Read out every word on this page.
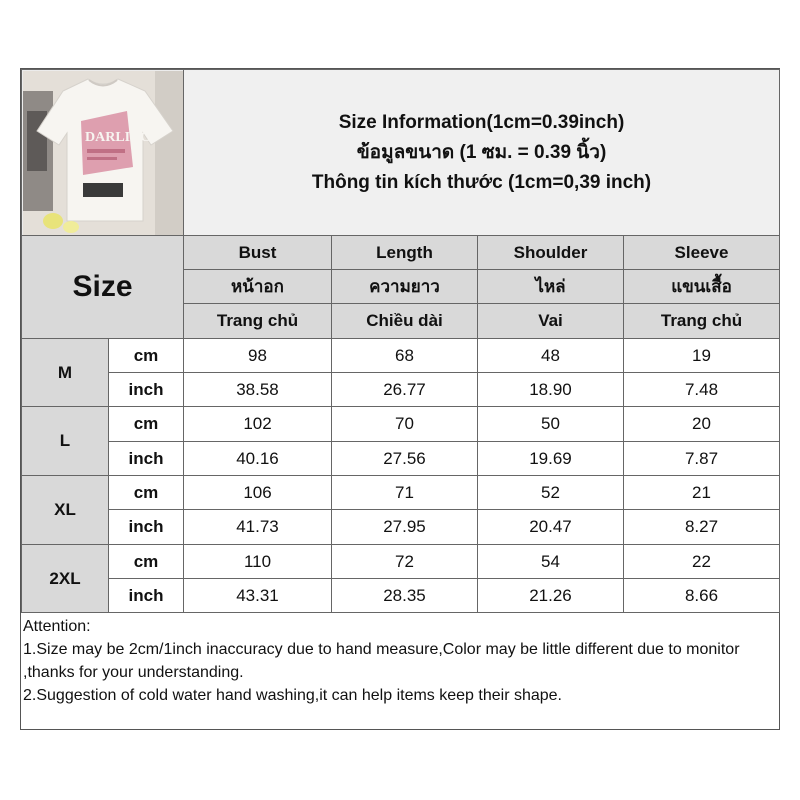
DARLING		Size Information(1cm=0.39inch)
ข้อมูลขนาด (1 ซม. = 0.39 นิ้ว)
Thông tin kích thước (1cm=0,39 inch)			

Size		Bust	Length	Shoulder	Sleeve
		หน้าอก	ความยาว	ไหล่	แขนเสื้อ
		Trang chủ	Chiều dài	Vai	Trang chủ
M	cm	98	68	48	19
	inch	38.58	26.77	18.90	7.48
L	cm	102	70	50	20
	inch	40.16	27.56	19.69	7.87
XL	cm	106	71	52	21
	inch	41.73	27.95	20.47	8.27
2XL	cm	110	72	54	22
	inch	43.31	28.35	21.26	8.66
Attention:
1.Size may be 2cm/1inch inaccuracy due to hand measure,Color may be little different due to monitor ,thanks for your understanding.
2.Suggestion of cold water hand washing,it can help items keep their shape.
